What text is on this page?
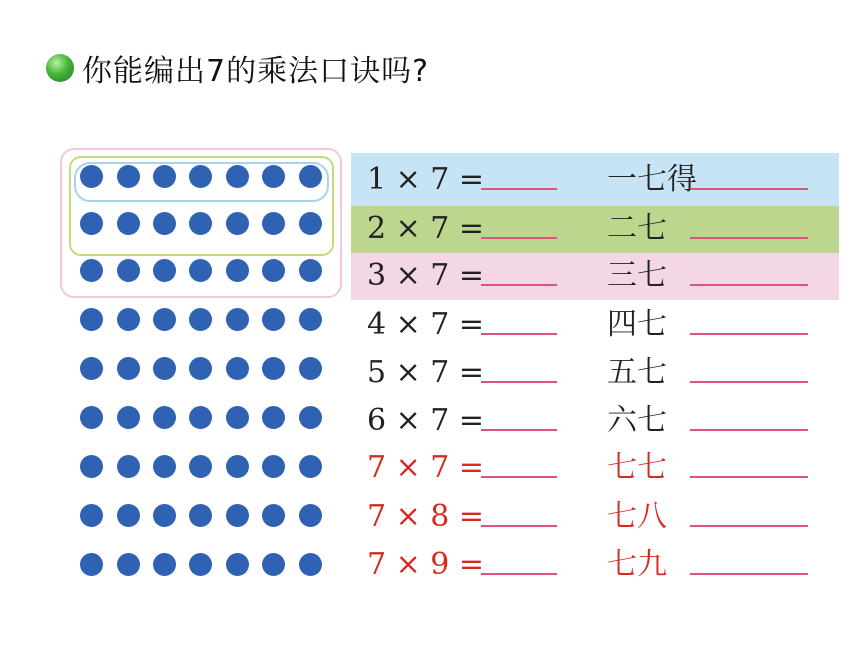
你能编出7的乘法口诀吗?
1 × 7 =	一七得
2 × 7 =	二七
3 × 7 =	三七
4 × 7 =	四七
5 × 7 =	五七
6 × 7 =	六七
7 × 7 =	七七
7 × 8 =	七八
7 × 9 =	七九
